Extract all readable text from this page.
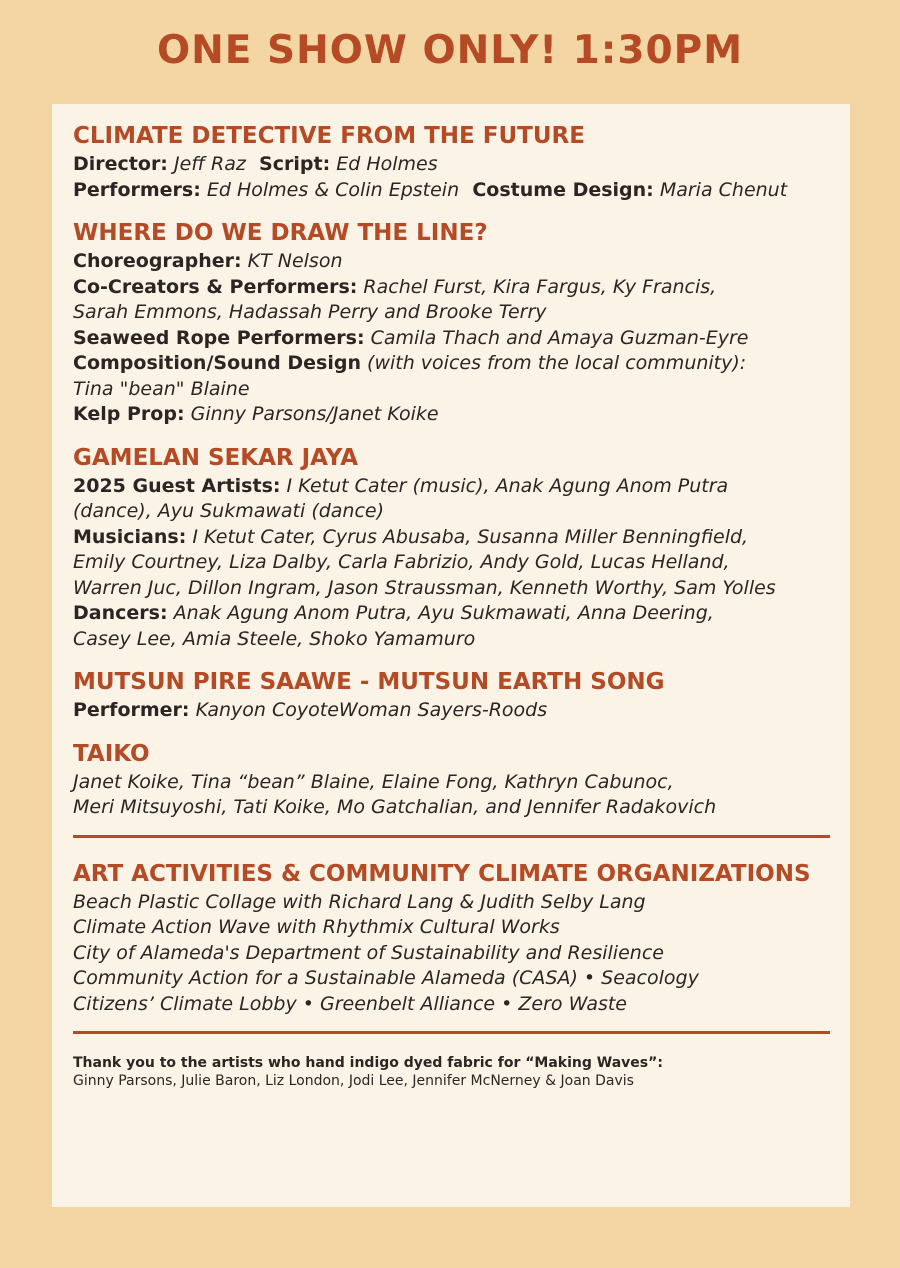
ONE SHOW ONLY! 1:30PM
CLIMATE DETECTIVE FROM THE FUTURE
Director: Jeff Raz  Script: Ed Holmes
Performers: Ed Holmes & Colin Epstein  Costume Design: Maria Chenut
WHERE DO WE DRAW THE LINE?
Choreographer: KT Nelson
Co-Creators & Performers: Rachel Furst, Kira Fargus, Ky Francis,
Sarah Emmons, Hadassah Perry and Brooke Terry
Seaweed Rope Performers: Camila Thach and Amaya Guzman-Eyre
Composition/Sound Design (with voices from the local community):
Tina "bean" Blaine
Kelp Prop: Ginny Parsons/Janet Koike
GAMELAN SEKAR JAYA
2025 Guest Artists: I Ketut Cater (music), Anak Agung Anom Putra
(dance), Ayu Sukmawati (dance)
Musicians: I Ketut Cater, Cyrus Abusaba, Susanna Miller Benningfield,
Emily Courtney, Liza Dalby, Carla Fabrizio, Andy Gold, Lucas Helland,
Warren Juc, Dillon Ingram, Jason Straussman, Kenneth Worthy, Sam Yolles
Dancers: Anak Agung Anom Putra, Ayu Sukmawati, Anna Deering,
Casey Lee, Amia Steele, Shoko Yamamuro
MUTSUN PIRE SAAWE - MUTSUN EARTH SONG
Performer: Kanyon CoyoteWoman Sayers-Roods
TAIKO
Janet Koike, Tina “bean” Blaine, Elaine Fong, Kathryn Cabunoc,
Meri Mitsuyoshi, Tati Koike, Mo Gatchalian, and Jennifer Radakovich
ART ACTIVITIES & COMMUNITY CLIMATE ORGANIZATIONS
Beach Plastic Collage with Richard Lang & Judith Selby Lang
Climate Action Wave with Rhythmix Cultural Works
City of Alameda's Department of Sustainability and Resilience
Community Action for a Sustainable Alameda (CASA) • Seacology
Citizens’ Climate Lobby • Greenbelt Alliance • Zero Waste
Thank you to the artists who hand indigo dyed fabric for “Making Waves”:
Ginny Parsons, Julie Baron, Liz London, Jodi Lee, Jennifer McNerney & Joan Davis
